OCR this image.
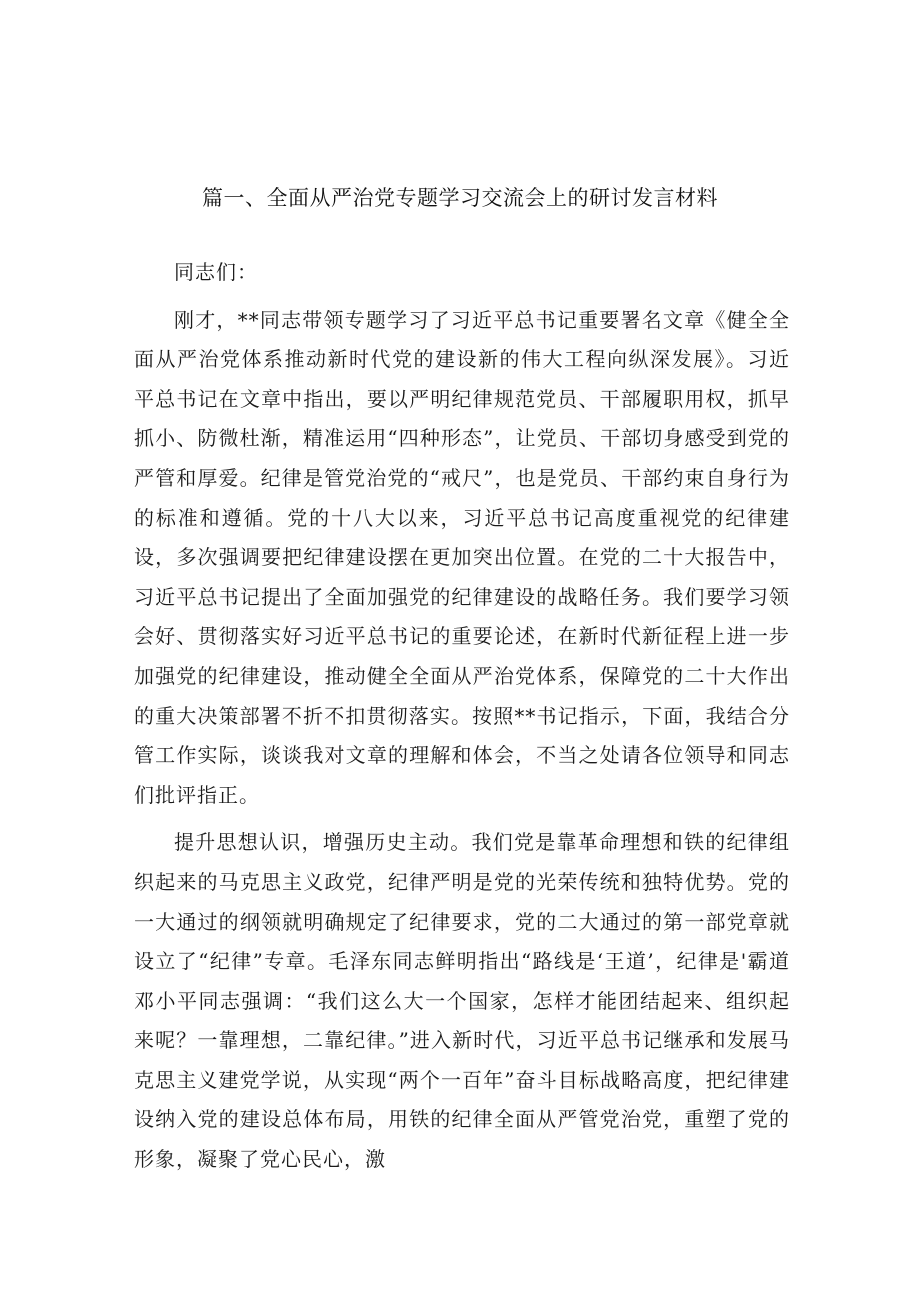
篇一、全面从严治党专题学习交流会上的研讨发言材料

同志们：

刚才，**同志带领专题学习了习近平总书记重要署名文章《健全全面从严治党体系推动新时代党的建设新的伟大工程向纵深发展》。习近平总书记在文章中指出，要以严明纪律规范党员、干部履职用权，抓早抓小、防微杜渐，精准运用“四种形态”，让党员、干部切身感受到党的严管和厚爱。纪律是管党治党的“戒尺”，也是党员、干部约束自身行为的标准和遵循。党的十八大以来，习近平总书记高度重视党的纪律建设，多次强调要把纪律建设摆在更加突出位置。在党的二十大报告中，习近平总书记提出了全面加强党的纪律建设的战略任务。我们要学习领会好、贯彻落实好习近平总书记的重要论述，在新时代新征程上进一步加强党的纪律建设，推动健全全面从严治党体系，保障党的二十大作出的重大决策部署不折不扣贯彻落实。按照**书记指示，下面，我结合分管工作实际，谈谈我对文章的理解和体会，不当之处请各位领导和同志们批评指正。

提升思想认识，增强历史主动。我们党是靠革命理想和铁的纪律组织起来的马克思主义政党，纪律严明是党的光荣传统和独特优势。党的一大通过的纲领就明确规定了纪律要求，党的二大通过的第一部党章就设立了“纪律”专章。毛泽东同志鲜明指出“路线是‘王道’，纪律是'霸道邓小平同志强调：“我们这么大一个国家，怎样才能团结起来、组织起来呢？一靠理想，二靠纪律。”进入新时代，习近平总书记继承和发展马克思主义建党学说，从实现“两个一百年”奋斗目标战略高度，把纪律建设纳入党的建设总体布局，用铁的纪律全面从严管党治党，重塑了党的形象，凝聚了党心民心，激
